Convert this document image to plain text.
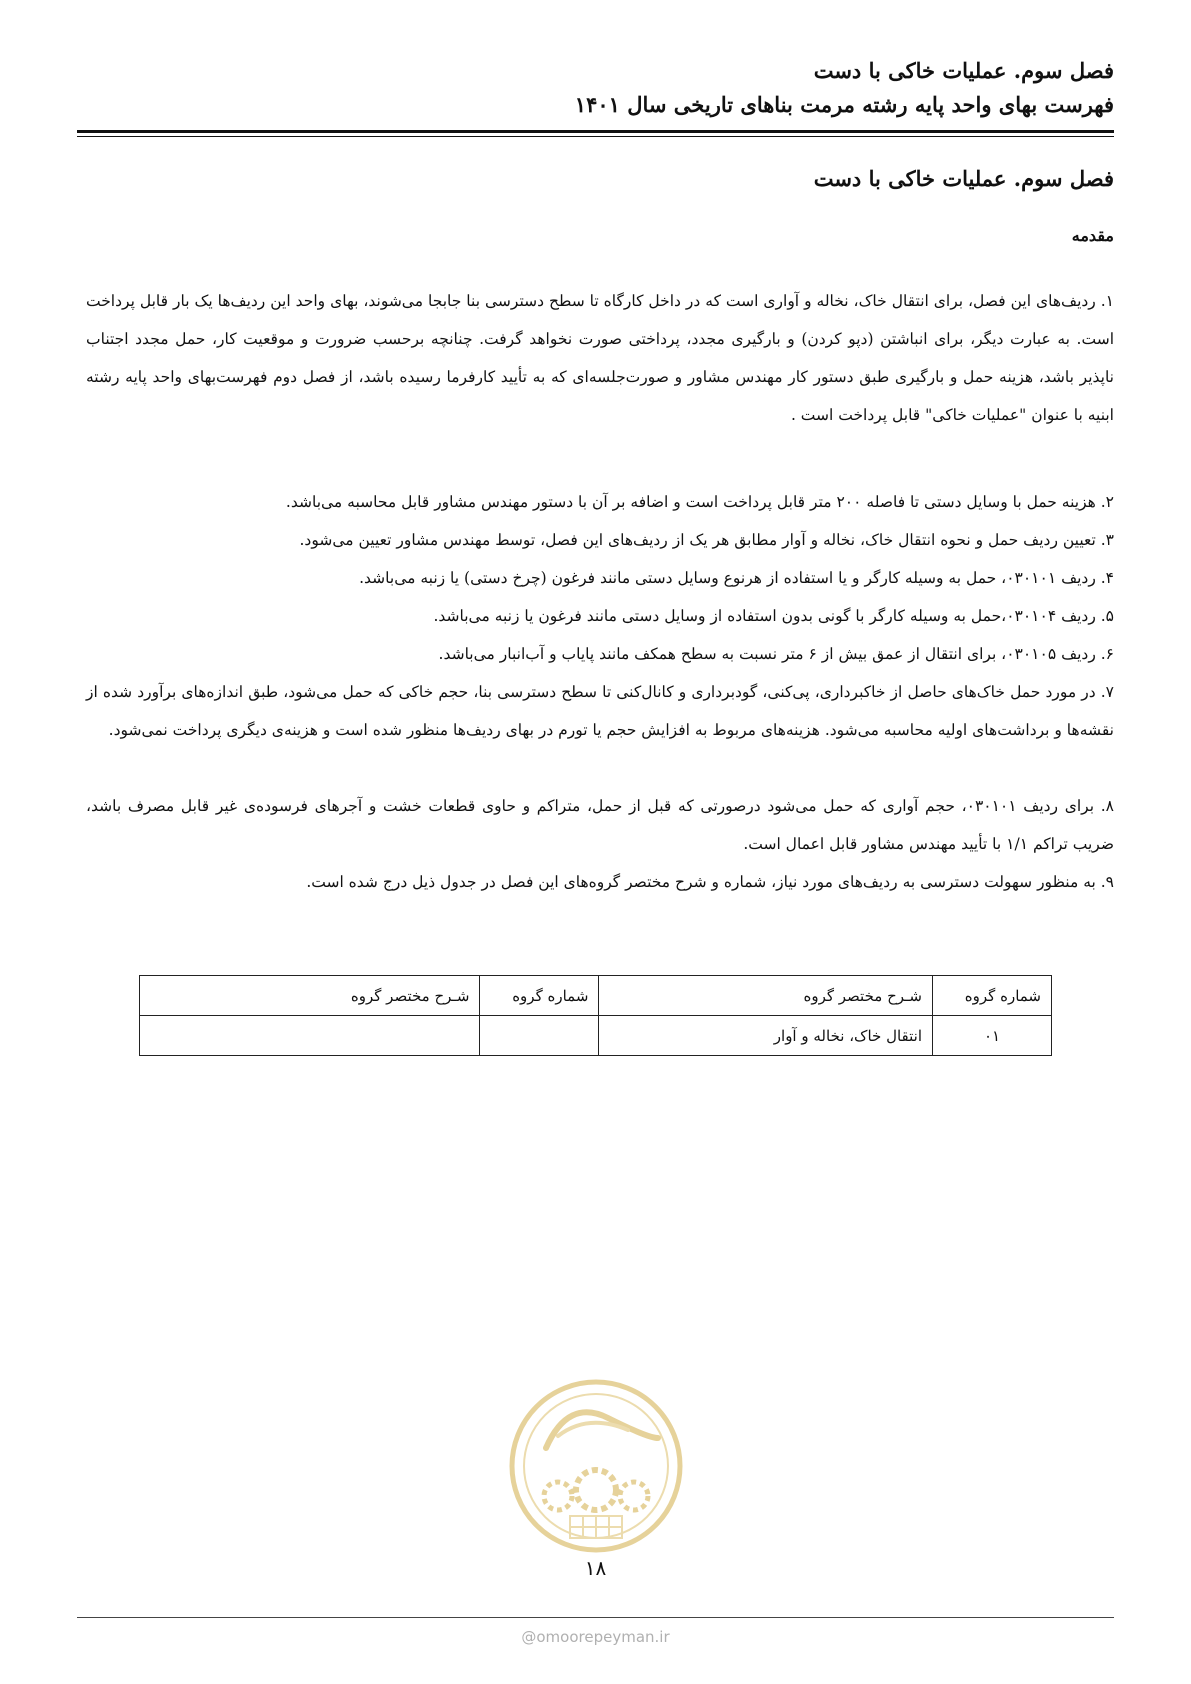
فصل سوم. عملیات خاکی با دست
فهرست بهای واحد پایه رشته مرمت بناهای تاریخی سال ۱۴۰۱
فصل سوم. عملیات خاکی با دست
مقدمه
۱. ردیف‌های این فصل، برای انتقال خاک، نخاله و آواری است که در داخل کارگاه تا سطح دسترسی بنا جابجا می‌شوند، بهای واحد این ردیف‌ها یک بار قابل پرداخت است. به عبارت دیگر، برای انباشتن (دپو کردن) و بارگیری مجدد، پرداختی صورت نخواهد گرفت. چنانچه برحسب ضرورت و موقعیت کار، حمل مجدد اجتناب ناپذیر باشد، هزینه حمل و بارگیری طبق دستور کار مهندس مشاور و صورت‌جلسه‌ای که به تأیید کارفرما رسیده باشد، از فصل دوم فهرست‌بهای واحد پایه رشته ابنیه با عنوان "عملیات خاکی" قابل پرداخت است .
۲. هزینه حمل با وسایل دستی تا فاصله ۲۰۰ متر قابل پرداخت است و اضافه بر آن با دستور مهندس مشاور قابل محاسبه می‌باشد.
۳. تعیین ردیف حمل و نحوه انتقال خاک، نخاله و آوار مطابق هر یک از ردیف‌های این فصل، توسط مهندس مشاور تعیین می‌شود.
۴. ردیف ۰۳۰۱۰۱، حمل به وسیله کارگر و یا استفاده از هرنوع وسایل دستی مانند فرغون (چرخ دستی) یا زنبه می‌باشد.
۵. ردیف ۰۳۰۱۰۴،حمل به وسیله کارگر با گونی بدون استفاده از وسایل دستی مانند فرغون یا زنبه می‌باشد.
۶. ردیف ۰۳۰۱۰۵، برای انتقال از عمق بیش از ۶ متر نسبت به سطح همکف مانند پایاب و آب‌انبار می‌باشد.
۷. در مورد حمل خاک‌های حاصل از خاکبرداری، پی‌کنی، گودبرداری و کانال‌کنی تا سطح دسترسی بنا، حجم خاکی که حمل می‌شود، طبق اندازه‌های برآورد شده از نقشه‌ها و برداشت‌های اولیه محاسبه می‌شود. هزینه‌های مربوط به افزایش حجم یا تورم در بهای ردیف‌ها منظور شده است و هزینه‌ی دیگری پرداخت نمی‌شود.
۸. برای ردیف ۰۳۰۱۰۱، حجم آواری که حمل می‌شود درصورتی که قبل از حمل، متراکم و حاوی قطعات خشت و آجرهای فرسوده‌ی غیر قابل مصرف باشد، ضریب تراکم ۱/۱ با تأیید مهندس مشاور قابل اعمال است.
۹. به منظور سهولت دسترسی به ردیف‌های مورد نیاز، شماره و شرح مختصر گروه‌های این فصل در جدول ذیل درج شده است.
شماره گروه	شـرح مختصر گروه	شماره گروه	شـرح مختصر گروه
۰۱	انتقال خاک، نخاله و آوار		
۱۸
@omoorepeyman.ir
